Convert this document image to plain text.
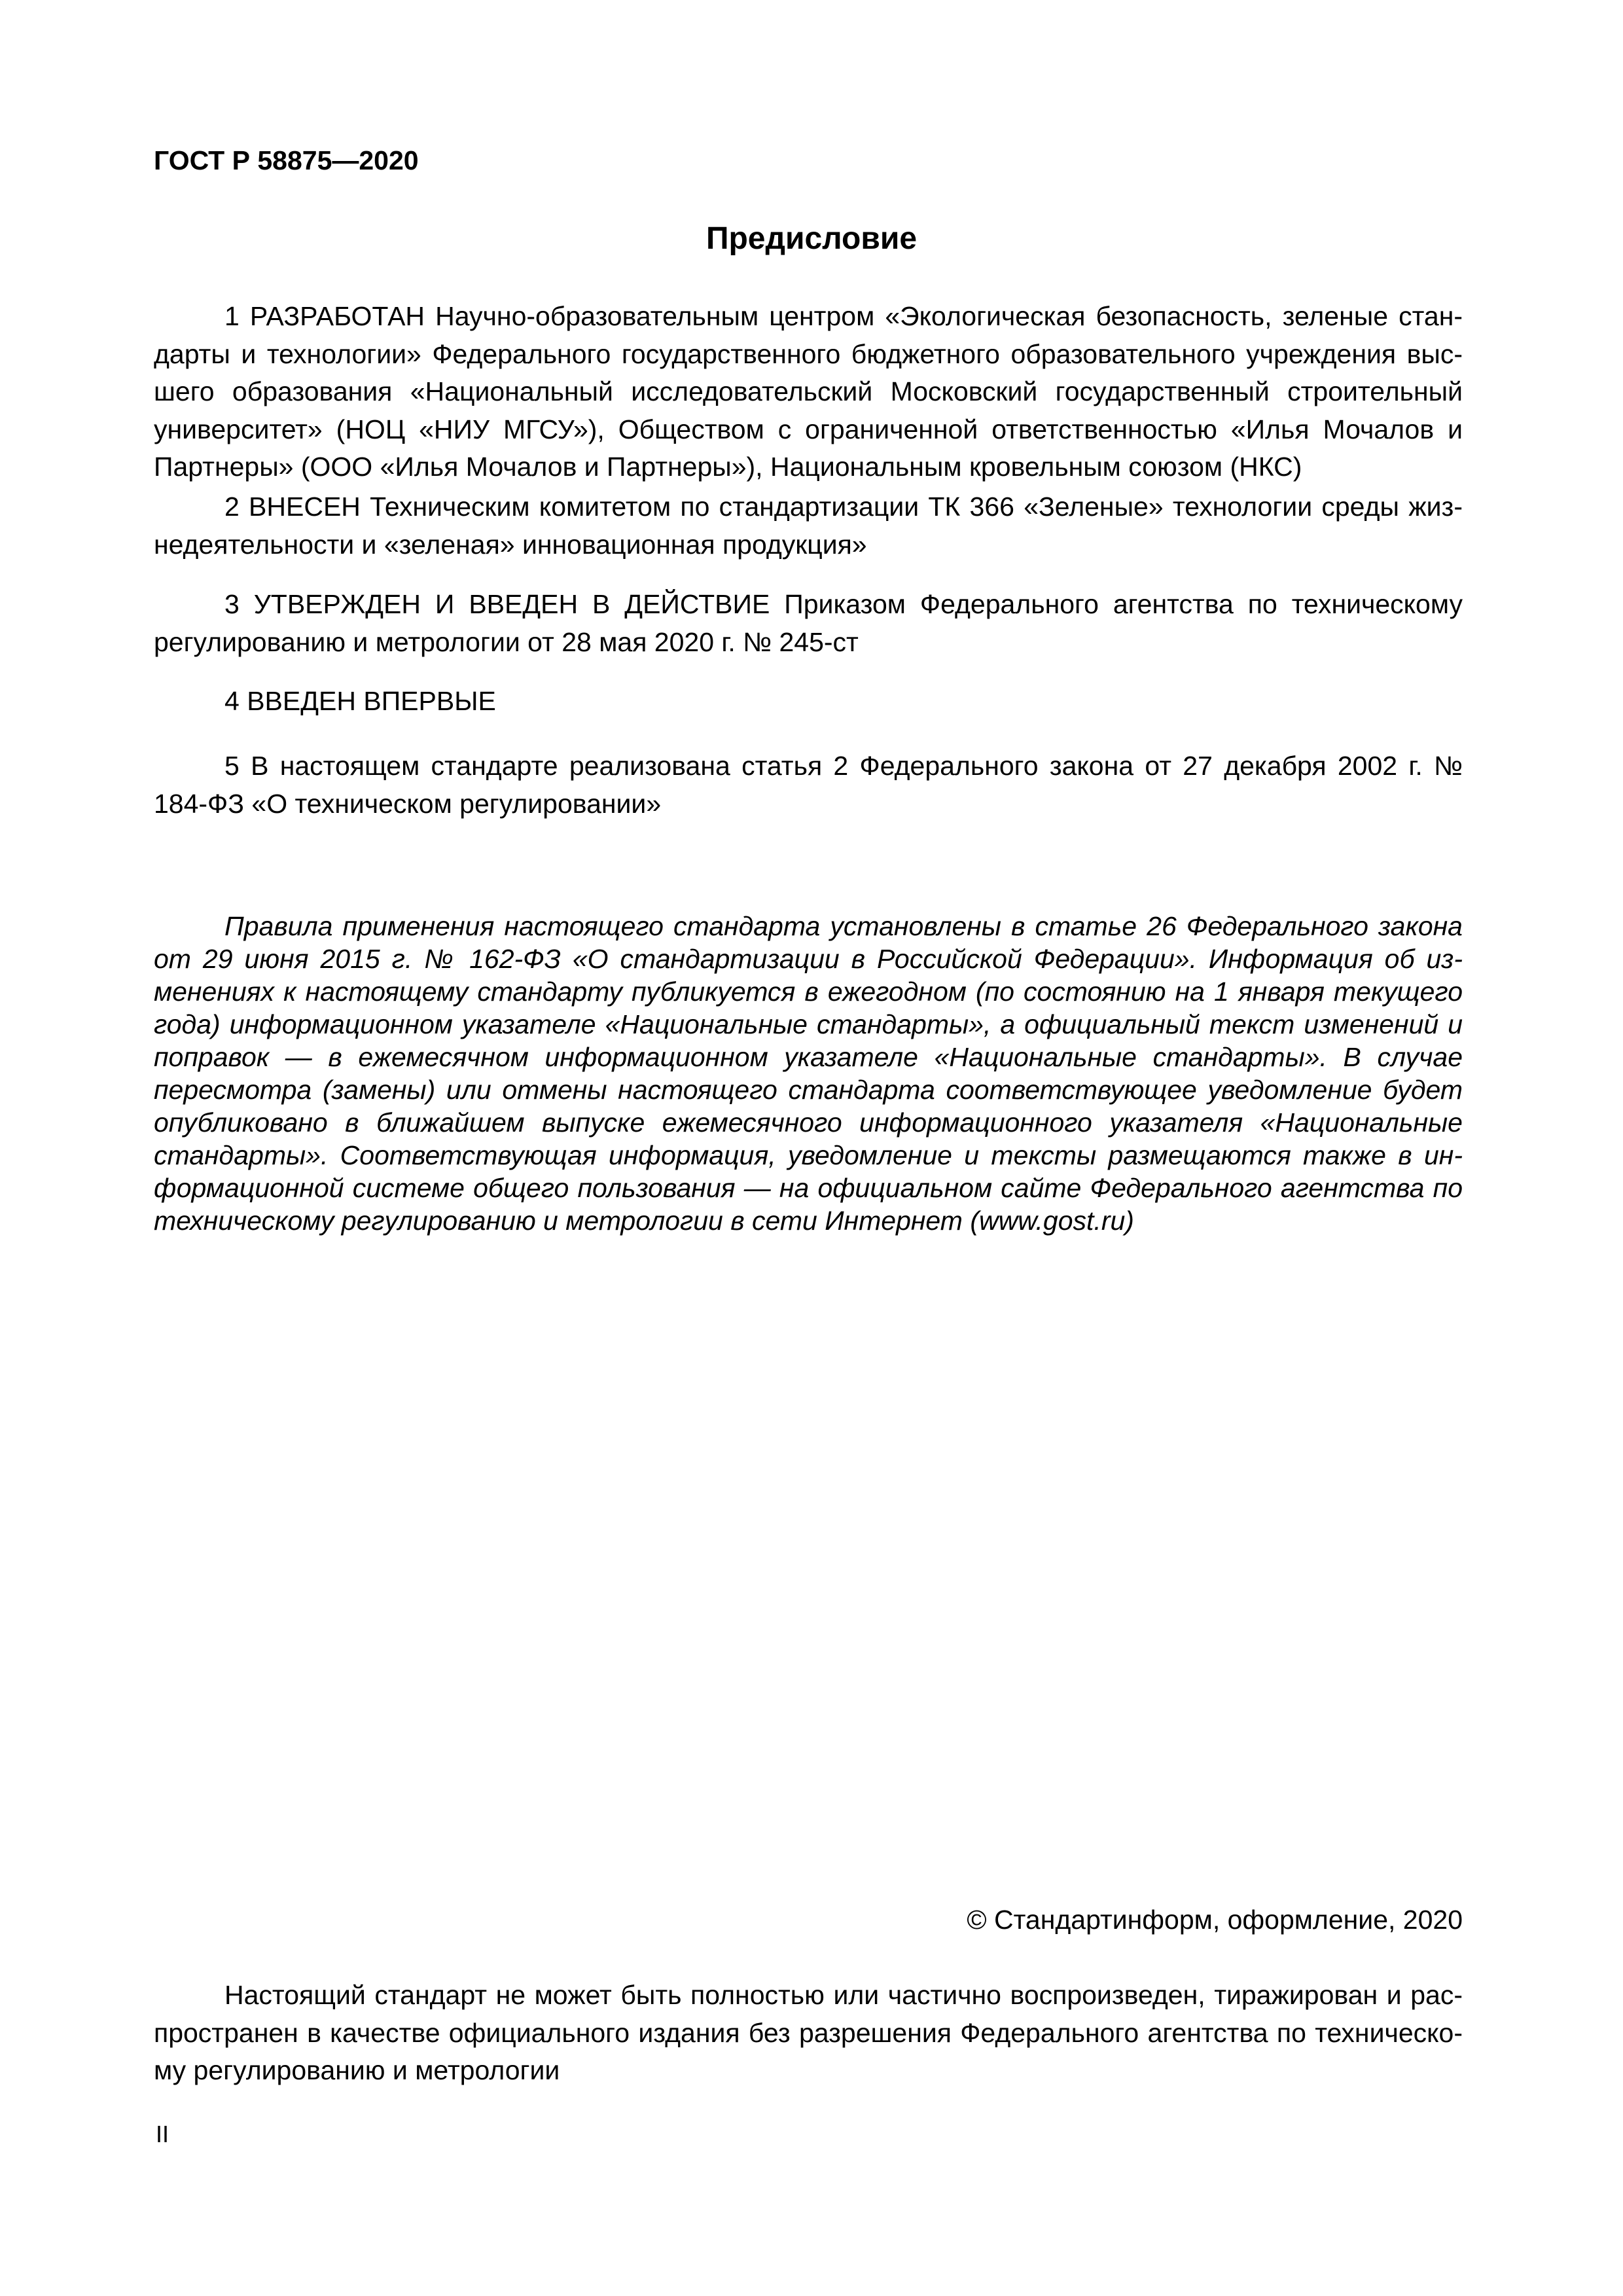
ГОСТ Р 58875—2020

Предисловие

1 РАЗРАБОТАН Научно-образовательным центром «Экологическая безопасность, зеленые стандарты и технологии» Федерального государственного бюджетного образовательного учреждения высшего образования «Национальный исследовательский Московский государственный строительный университет» (НОЦ «НИУ МГСУ»), Обществом с ограниченной ответственностью «Илья Мочалов и Партнеры» (ООО «Илья Мочалов и Партнеры»), Национальным кровельным союзом (НКС)

2 ВНЕСЕН Техническим комитетом по стандартизации ТК 366 «Зеленые» технологии среды жизнедеятельности и «зеленая» инновационная продукция»

3 УТВЕРЖДЕН И ВВЕДЕН В ДЕЙСТВИЕ Приказом Федерального агентства по техническому регулированию и метрологии от 28 мая 2020 г. № 245-ст

4 ВВЕДЕН ВПЕРВЫЕ

5 В настоящем стандарте реализована статья 2 Федерального закона от 27 декабря 2002 г. № 184-ФЗ «О техническом регулировании»

Правила применения настоящего стандарта установлены в статье 26 Федерального закона от 29 июня 2015 г. № 162-ФЗ «О стандартизации в Российской Федерации». Информация об изменениях к настоящему стандарту публикуется в ежегодном (по состоянию на 1 января текущего года) информационном указателе «Национальные стандарты», а официальный текст изменений и поправок — в ежемесячном информационном указателе «Национальные стандарты». В случае пересмотра (замены) или отмены настоящего стандарта соответствующее уведомление будет опубликовано в ближайшем выпуске ежемесячного информационного указателя «Национальные стандарты». Соответствующая информация, уведомление и тексты размещаются также в информационной системе общего пользования — на официальном сайте Федерального агентства по техническому регулированию и метрологии в сети Интернет (www.gost.ru)

© Стандартинформ, оформление, 2020

Настоящий стандарт не может быть полностью или частично воспроизведен, тиражирован и распространен в качестве официального издания без разрешения Федерального агентства по техническому регулированию и метрологии

II
